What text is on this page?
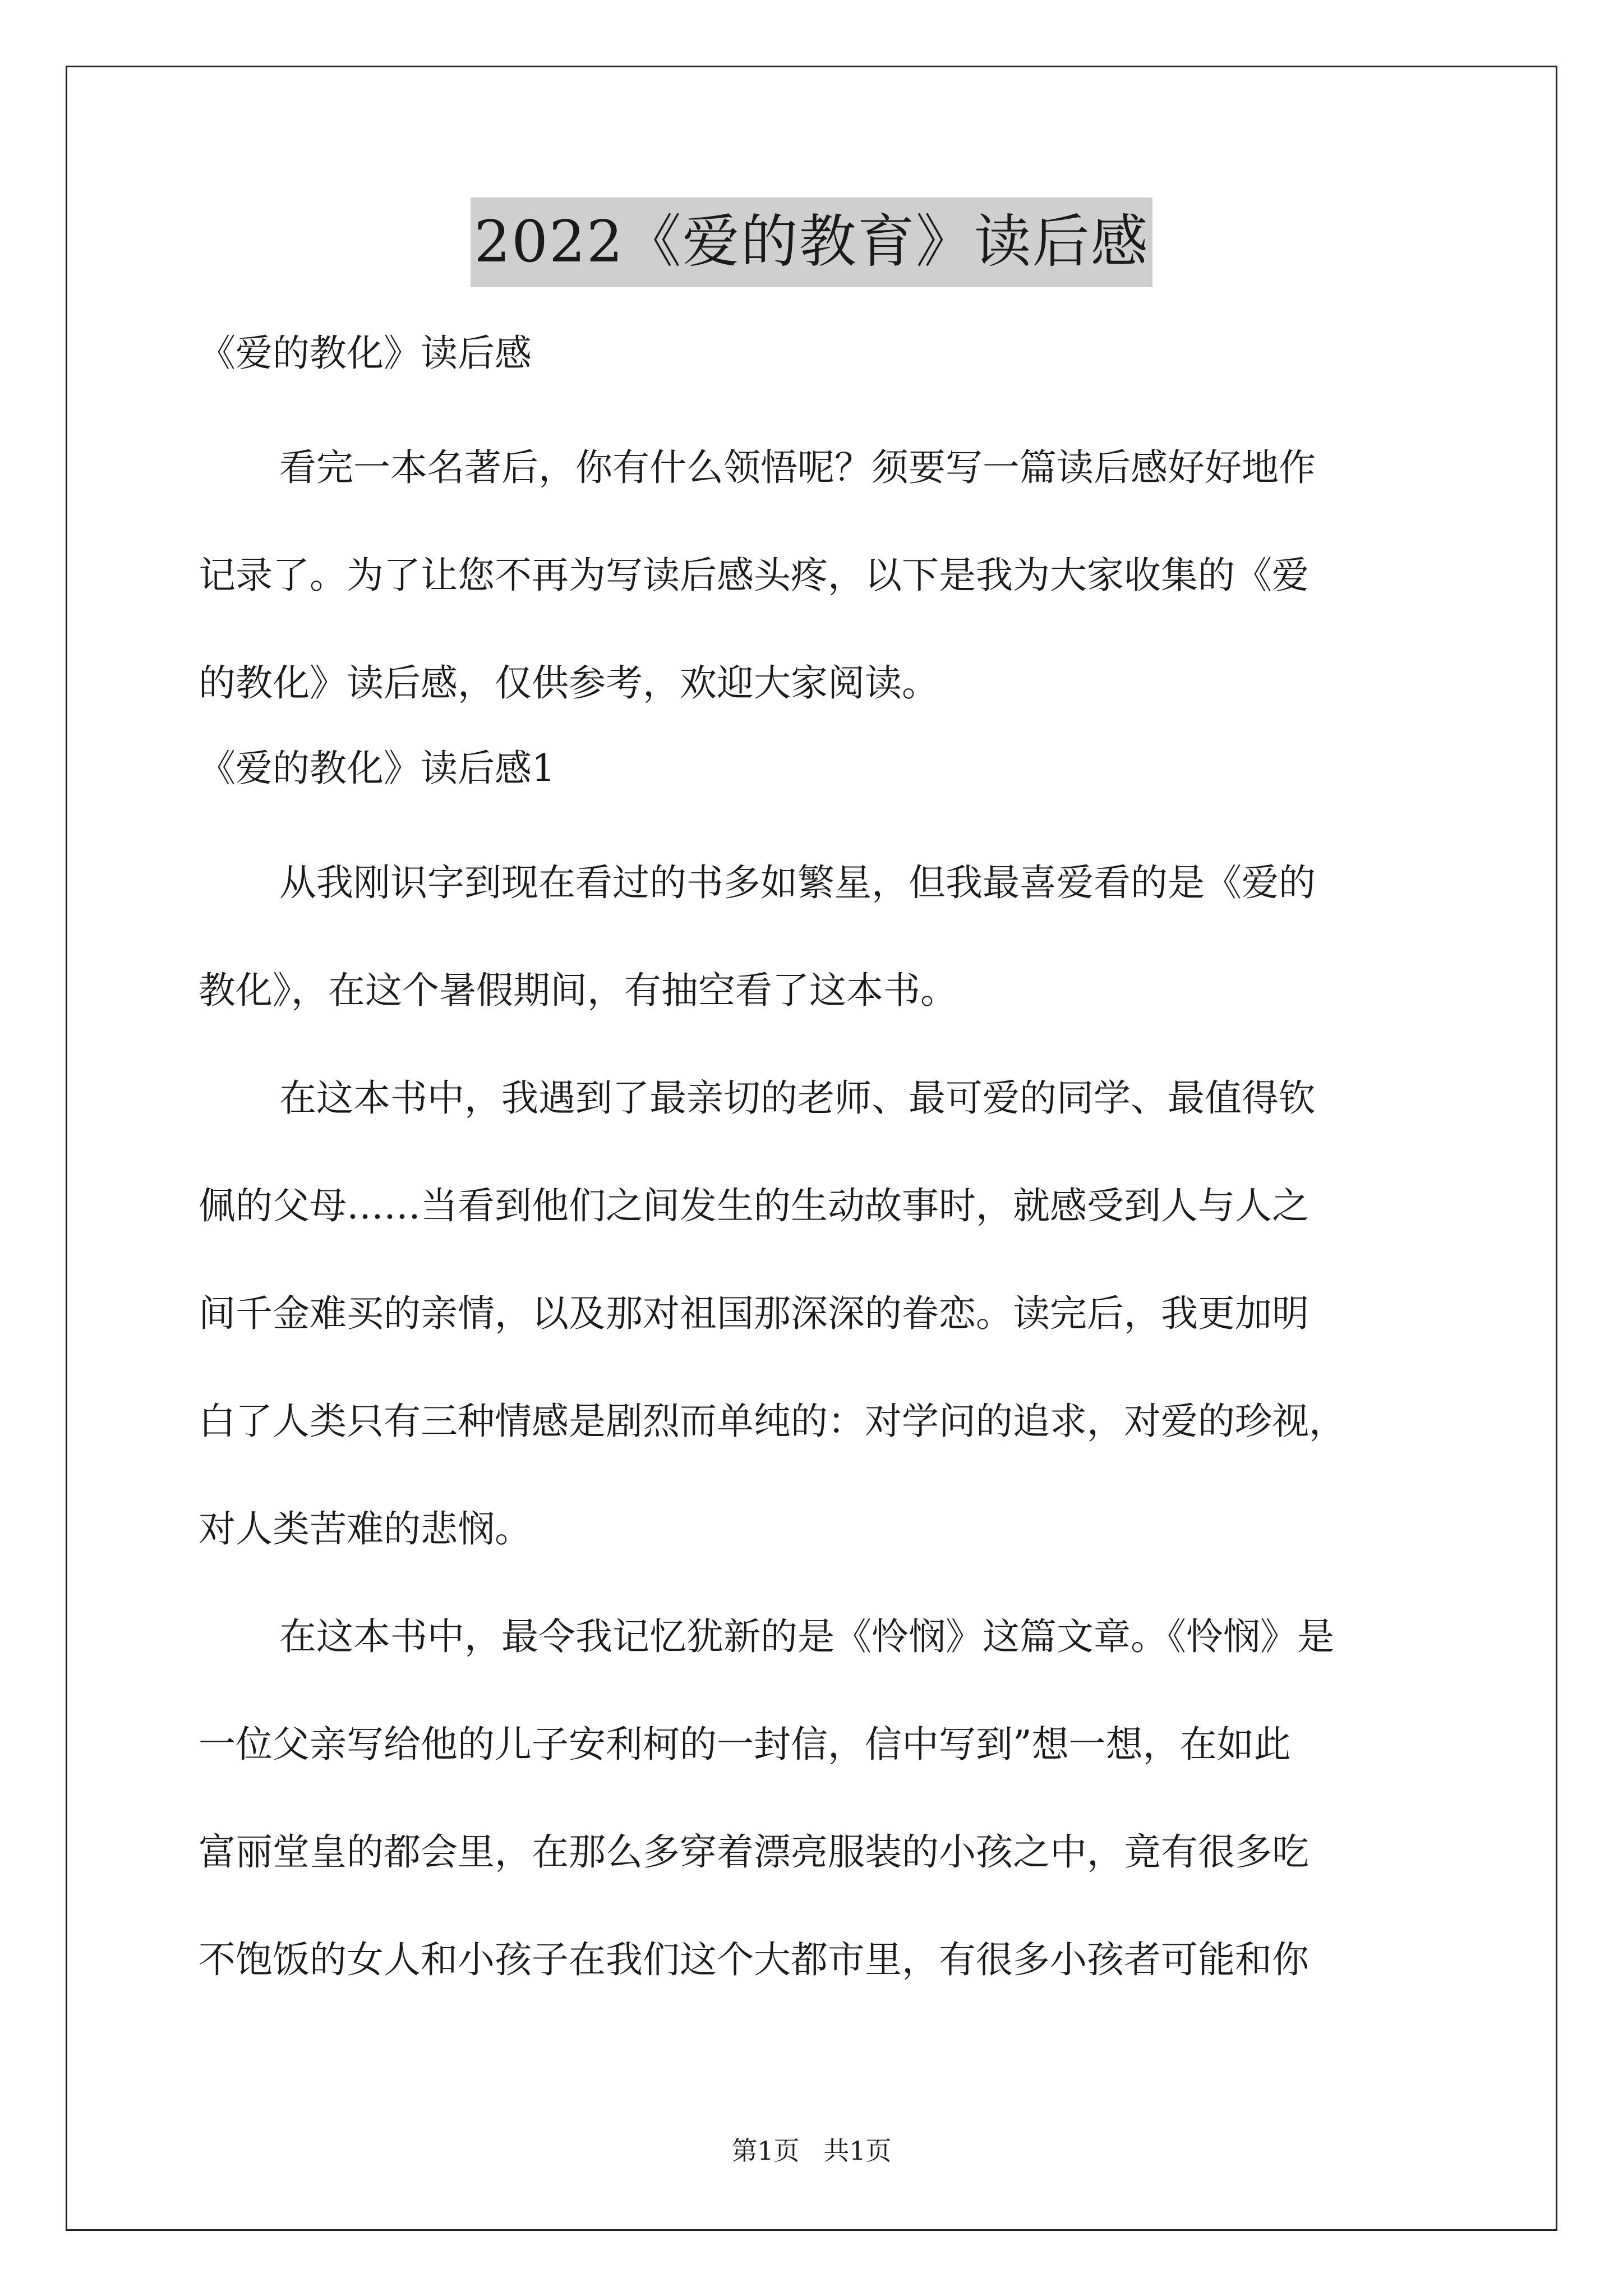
2022《爱的教育》读后感

《爱的教化》读后感

看完一本名著后，你有什么领悟呢？须要写一篇读后感好好地作
记录了。为了让您不再为写读后感头疼，以下是我为大家收集的《爱
的教化》读后感，仅供参考，欢迎大家阅读。

《爱的教化》读后感1

从我刚识字到现在看过的书多如繁星，但我最喜爱看的是《爱的
教化》，在这个暑假期间，有抽空看了这本书。

在这本书中，我遇到了最亲切的老师、最可爱的同学、最值得钦
佩的父母……当看到他们之间发生的生动故事时，就感受到人与人之
间千金难买的亲情，以及那对祖国那深深的眷恋。读完后，我更加明
白了人类只有三种情感是剧烈而单纯的：对学问的追求，对爱的珍视，
对人类苦难的悲悯。

在这本书中，最令我记忆犹新的是《怜悯》这篇文章。《怜悯》是
一位父亲写给他的儿子安利柯的一封信，信中写到”想一想，在如此
富丽堂皇的都会里，在那么多穿着漂亮服装的小孩之中，竟有很多吃
不饱饭的女人和小孩子在我们这个大都市里，有很多小孩者可能和你

第1页 共1页
